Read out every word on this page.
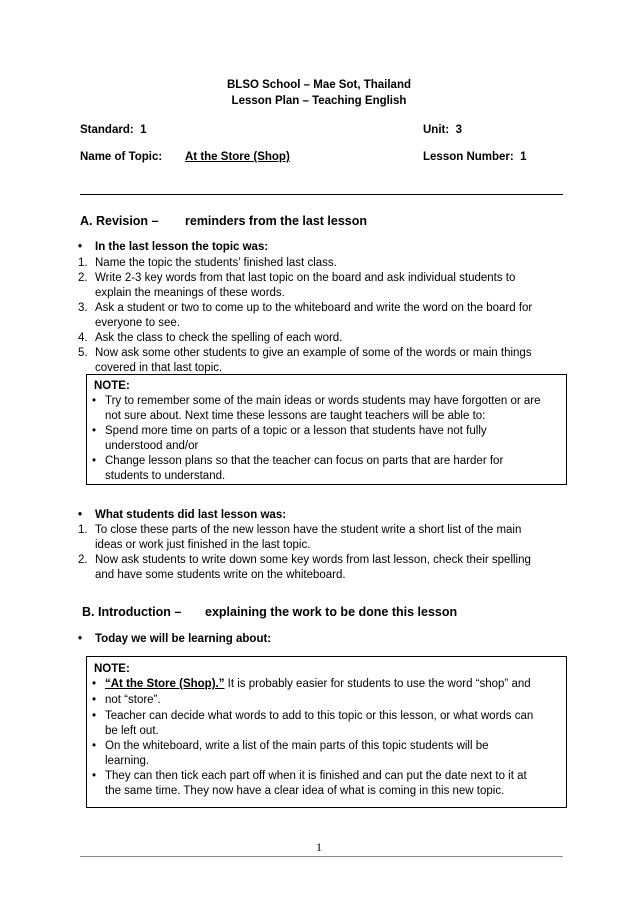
BLSO School – Mae Sot, Thailand
Lesson Plan – Teaching English
Standard: 1	Unit: 3
Name of Topic: At the Store (Shop)	Lesson Number: 1
A. Revision – reminders from the last lesson
•	In the last lesson the topic was:
1. Name the topic the students’ finished last class.
2. Write 2-3 key words from that last topic on the board and ask individual students to
explain the meanings of these words.
3. Ask a student or two to come up to the whiteboard and write the word on the board for
everyone to see.
4. Ask the class to check the spelling of each word.
5. Now ask some other students to give an example of some of the words or main things
covered in that last topic.
NOTE:
• Try to remember some of the main ideas or words students may have forgotten or are
not sure about. Next time these lessons are taught teachers will be able to:
• Spend more time on parts of a topic or a lesson that students have not fully
understood and/or
• Change lesson plans so that the teacher can focus on parts that are harder for
students to understand.
•	What students did last lesson was:
1. To close these parts of the new lesson have the student write a short list of the main
ideas or work just finished in the last topic.
2. Now ask students to write down some key words from last lesson, check their spelling
and have some students write on the whiteboard.
B. Introduction – explaining the work to be done this lesson
•	Today we will be learning about:
NOTE:
• “At the Store (Shop).” It is probably easier for students to use the word “shop” and
• not “store”.
• Teacher can decide what words to add to this topic or this lesson, or what words can
be left out.
• On the whiteboard, write a list of the main parts of this topic students will be
learning.
• They can then tick each part off when it is finished and can put the date next to it at
the same time. They now have a clear idea of what is coming in this new topic.
1
